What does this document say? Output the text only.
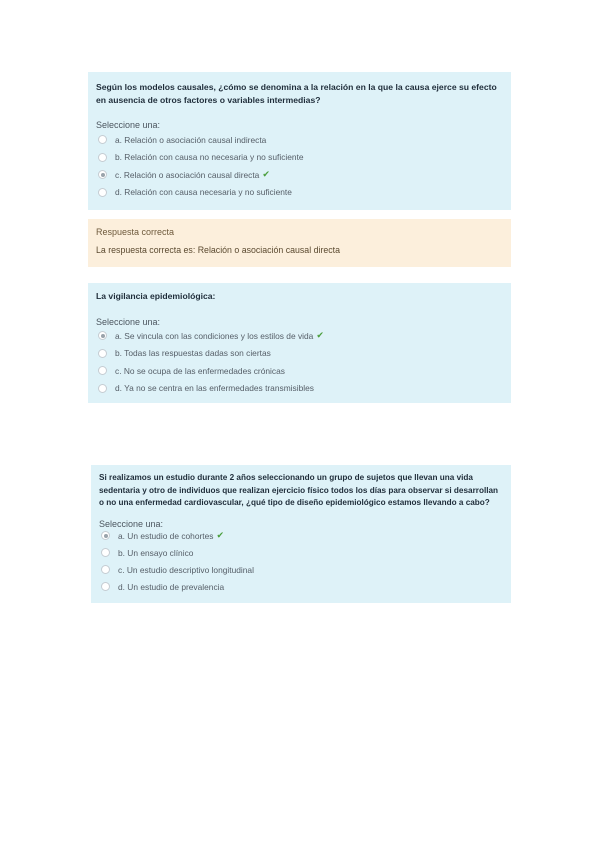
Según los modelos causales, ¿cómo se denomina a la relación en la que la causa ejerce su efecto en ausencia de otros factores o variables intermedias?
Seleccione una:
a. Relación o asociación causal indirecta
b. Relación con causa no necesaria y no suficiente
c. Relación o asociación causal directa ✔
d. Relación con causa necesaria y no suficiente
Respuesta correcta
La respuesta correcta es: Relación o asociación causal directa
La vigilancia epidemiológica:
Seleccione una:
a. Se vincula con las condiciones y los estilos de vida ✔
b. Todas las respuestas dadas son ciertas
c. No se ocupa de las enfermedades crónicas
d. Ya no se centra en las enfermedades transmisibles
Si realizamos un estudio durante 2 años seleccionando un grupo de sujetos que llevan una vida sedentaria y otro de individuos que realizan ejercicio físico todos los días para observar si desarrollan o no una enfermedad cardiovascular, ¿qué tipo de diseño epidemiológico estamos llevando a cabo?
Seleccione una:
a. Un estudio de cohortes ✔
b. Un ensayo clínico
c. Un estudio descriptivo longitudinal
d. Un estudio de prevalencia
